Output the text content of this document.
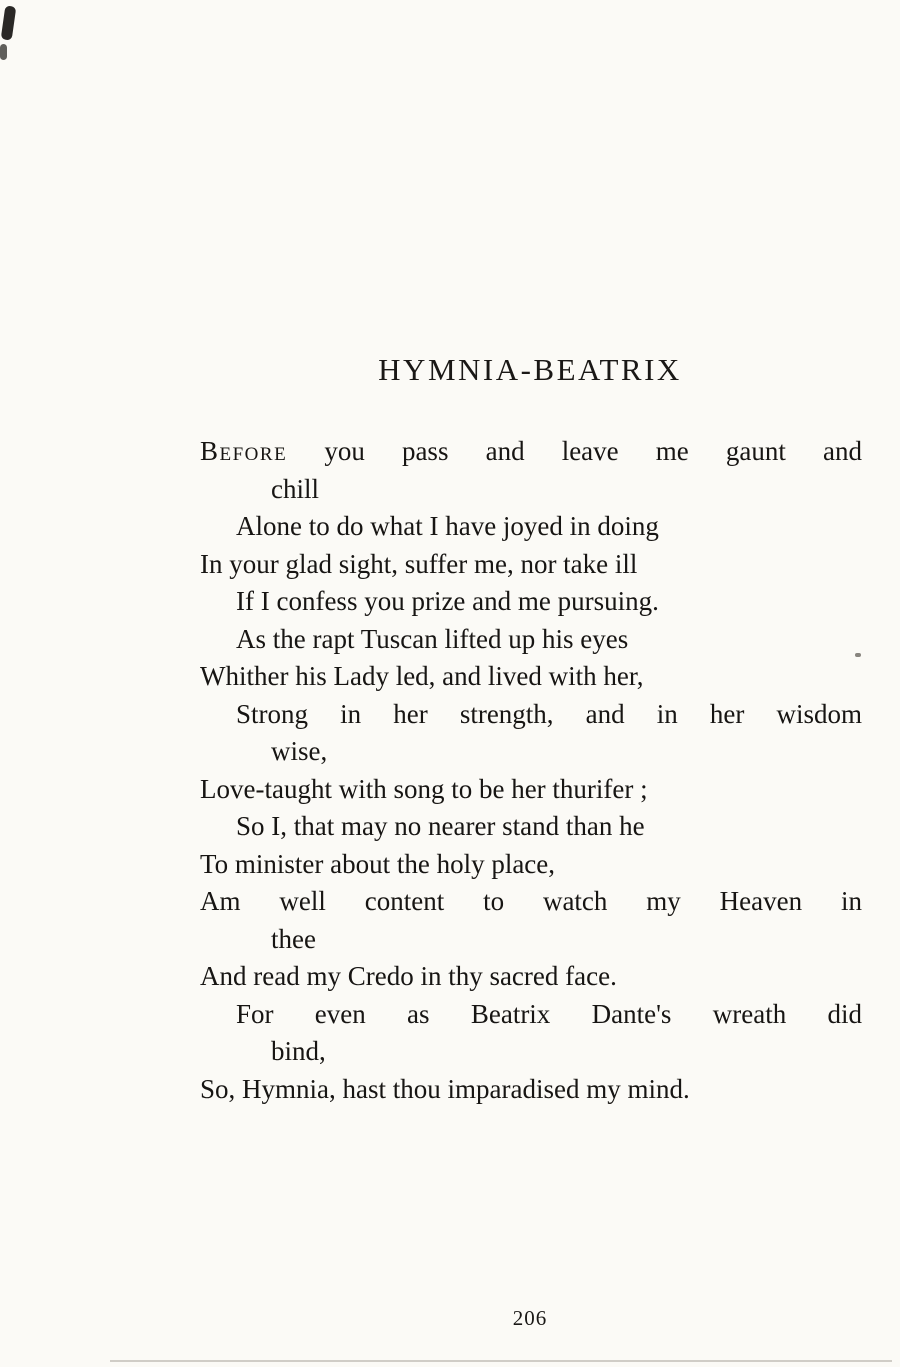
HYMNIA-BEATRIX
Before you pass and leave me gaunt and
chill
Alone to do what I have joyed in doing
In your glad sight, suffer me, nor take ill
If I confess you prize and me pursuing.
As the rapt Tuscan lifted up his eyes
Whither his Lady led, and lived with her,
Strong in her strength, and in her wisdom
wise,
Love-taught with song to be her thurifer ;
So I, that may no nearer stand than he
To minister about the holy place,
Am well content to watch my Heaven in
thee
And read my Credo in thy sacred face.
For even as Beatrix Dante's wreath did
bind,
So, Hymnia, hast thou imparadised my mind.
206
